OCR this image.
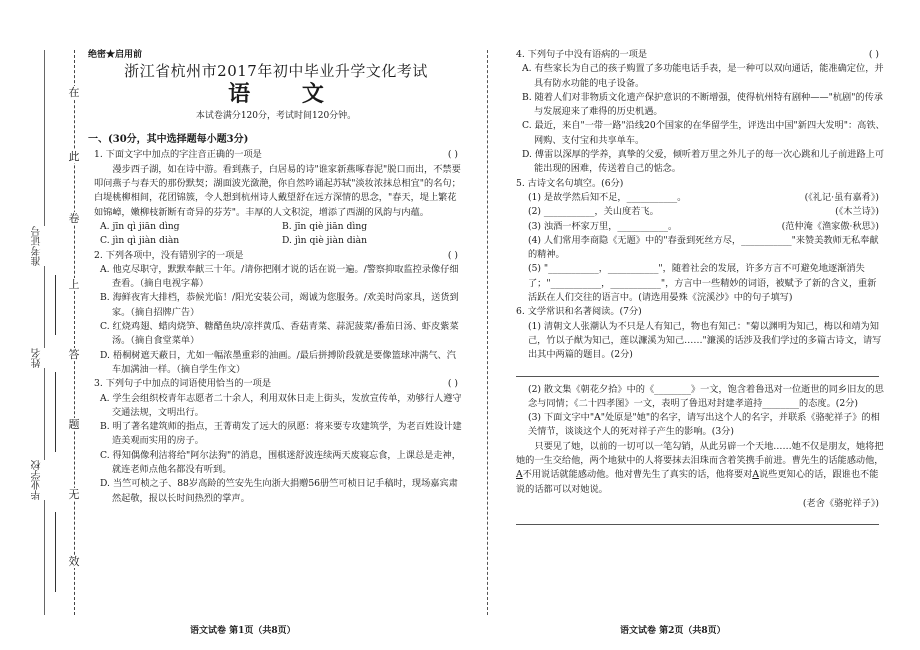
在
此
卷
上
答
题
无
效
准考证号
姓名
毕业学校
绝密★启用前
浙江省杭州市2017年初中毕业升学文化考试
语 文
本试卷满分120分，考试时间120分钟。
一、(30分，其中选择题每小题3分)
1. 下面文字中加点的字注音正确的一项是	( )
漫步西子湖，如在诗中游。看到燕子，白居易的诗"谁家新燕啄春泥"脱口而出，不禁要叩问燕子与春天的那份默契；湖面波光潋滟，你自然吟诵起苏轼"淡妆浓抹总相宜"的名句；白堤桃柳相间，花团锦簇，令人想到杭州诗人戴望舒在远方深情的思念，"春天，堤上繁花如锦嶂，嫩柳枝新断有奇异的芬芳"。丰厚的人文积淀，增添了西湖的风韵与内蕴。
A. jīn qì jiān dìng	B. jīn qiè jiān dìng
C. jìn qì jiàn diàn	D. jìn qiè jiàn diàn
2. 下列各项中，没有错别字的一项是	( )
A. 他克尽职守，默默奉献三十年。/请你把刚才说的话在说一遍。/警察抑取监控录像仔细查看。（摘自电视字幕）
B. 海鲜夜宵大排档，恭候光临！/阳光安装公司，竭诚为您服务。/欢美时尚家具，送货到家。（摘自招牌广告）
C. 红烧鸡翅、蜡肉烧笋、糖醋鱼块/凉拌黄瓜、香菇青菜、蒜泥菠菜/番茄日汤、虾皮紫菜汤。（摘自食堂菜单）
D. 梧桐树遮天蔽日，尤如一幅浓墨重彩的油画。/最后拼搏阶段就是要像篮球冲满气、汽车加满油一样。（摘自学生作文）
3. 下列句子中加点的词语使用恰当的一项是	( )
A. 学生会组织校青年志愿者二十余人，利用双休日走上街头，发放宣传单，劝够行人遵守交通法规，文明出行。
B. 明了著名建筑师的指点，王菁萌发了远大的夙愿：将来要专攻建筑学，为老百姓设计建造美观而实用的房子。
C. 得知偶像利洁将给"阿尔法狗"的消息，围棋迷舒波连续两天废寝忘食，上课总是走神，就连老师点他名都没有听到。
D. 当竺可桢之子、88岁高龄的竺安先生向浙大捐赠56册竺可桢日记手稿时，现场嘉宾肃然起敬，报以长时间热烈的掌声。
4. 下列句子中没有语病的一项是	( )
A. 有些家长为自己的孩子购置了多功能电话手表，是一种可以双向通话，能准确定位，并具有防水功能的电子设备。
B. 随着人们对非物质文化遗产保护意识的不断增强，使得杭州特有剧种——"杭剧"的传承与发展迎来了难得的历史机遇。
C. 最近，来自"一带一路"沿线20个国家的在华留学生，评选出中国"新四大发明"：高铁、网购、支付宝和共享单车。
D. 傅雷以深厚的学养，真挚的父爱，倾听着万里之外儿子的每一次心跳和儿子前进路上可能出现的困难，传送着自己的惦念。
5. 古诗文名句填空。(6分)
(1) 是故学然后知不足，___________。	(《礼记·虽有嘉肴》)
(2) ___________，关山度若飞。	(《木兰诗》)
(3) 浊酒一杯家万里，___________。	(范仲淹《渔家傲·秋思》)
(4) 人们常用李商隐《无题》中的"春蚕到死丝方尽，___________"来赞美教师无私奉献的精神。
(5) "___________，___________"，随着社会的发展，许多方言不可避免地逐渐消失了；"___________，___________"，方言中一些精妙的词语，被赋予了新的含义，重新活跃在人们交往的语言中。(请选用晏殊《浣溪沙》中的句子填写)
6. 文学常识和名著阅读。(7分)
(1) 清朝文人张潮认为不只是人有知己，物也有知己："菊以渊明为知己，梅以和靖为知己，竹以子猷为知己，莲以濂溪为知己……"濂溪的话涉及我们学过的多篇古诗文，请写出其中两篇的题目。(2分)
(2) 散文集《朝花夕拾》中的《________》一文，饱含着鲁迅对一位逝世的同乡旧友的思念与同情；《二十四孝图》一文，表明了鲁迅对封建孝道持________的态度。(2分)
(3) 下面文字中"A"处原是"她"的名字，请写出这个人的名字，并联系《骆驼祥子》的相关情节，谈谈这个人的死对祥子产生的影响。(3分)
只要见了她，以前的一切可以一笔勾销，从此另辟一个天地……她不仅是朋友，她将把她的一生交给他，两个地狱中的人将要抹去泪珠而含着笑携手前进。曹先生的话能感动他，A不用说话就能感动他。他对曹先生了真实的话，他将要对A说些更知心的话，跟谁也不能说的话都可以对她说。
(老舍《骆驼祥子》)
语文试卷 第1页（共8页）	语文试卷 第2页（共8页）
